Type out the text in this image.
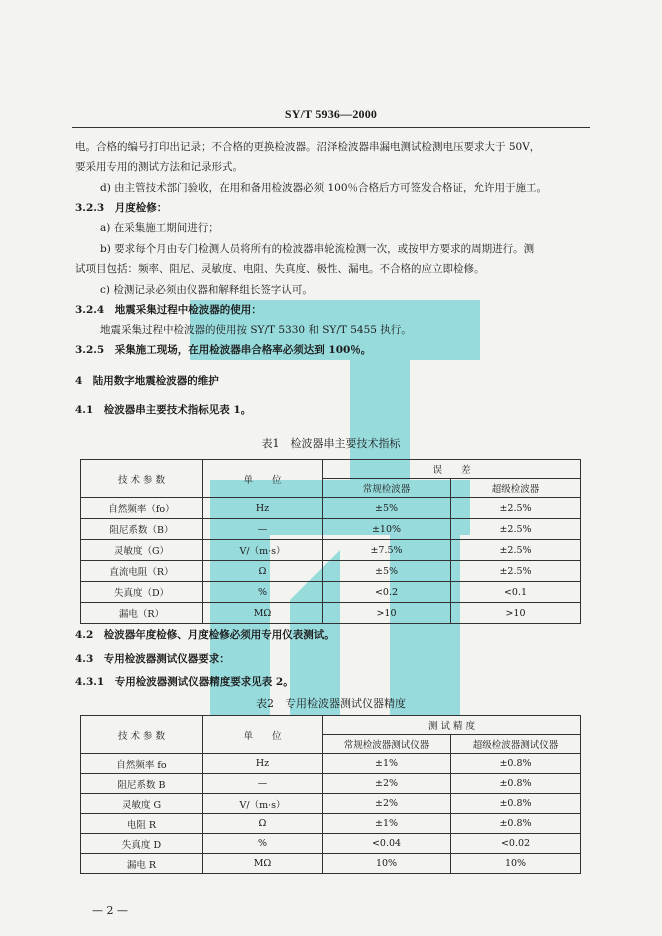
SY/T 5936—2000
电。合格的编号打印出记录；不合格的更换检波器。沼泽检波器串漏电测试检测电压要求大于 50V，
要采用专用的测试方法和记录形式。
d) 由主管技术部门验收，在用和备用检波器必须 100％合格后方可签发合格证，允许用于施工。
3.2.3　月度检修：
a) 在采集施工期间进行；
b) 要求每个月由专门检测人员将所有的检波器串轮流检测一次，或按甲方要求的周期进行。测
试项目包括：频率、阻尼、灵敏度、电阻、失真度、极性、漏电。不合格的应立即检修。
c) 检测记录必须由仪器和解释组长签字认可。
3.2.4　地震采集过程中检波器的使用：
地震采集过程中检波器的使用按 SY/T 5330 和 SY/T 5455 执行。
3.2.5　采集施工现场，在用检波器串合格率必须达到 100％。
4　陆用数字地震检波器的维护
4.1　检波器串主要技术指标见表 1。
表1　检波器串主要技术指标
技 术 参 数	单　　位	误　　差	
		常规检波器	超级检波器
自然频率（fo）	Hz	±5%	±2.5%
阻尼系数（B）	—	±10%	±2.5%
灵敏度（G）	V/（m·s）	±7.5%	±2.5%
直流电阻（R）	Ω	±5%	±2.5%
失真度（D）	%	<0.2	<0.1
漏电（R）	MΩ	>10	>10
4.2　检波器年度检修、月度检修必须用专用仪表测试。
4.3　专用检波器测试仪器要求：
4.3.1　专用检波器测试仪器精度要求见表 2。
表2　专用检波器测试仪器精度
技 术 参 数	单　　位	测 试 精 度	
		常规检波器测试仪器	超级检波器测试仪器
自然频率 fo	Hz	±1%	±0.8%
阻尼系数 B	—	±2%	±0.8%
灵敏度 G	V/（m·s）	±2%	±0.8%
电阻 R	Ω	±1%	±0.8%
失真度 D	%	<0.04	<0.02
漏电 R	MΩ	10%	10%
— 2 —
